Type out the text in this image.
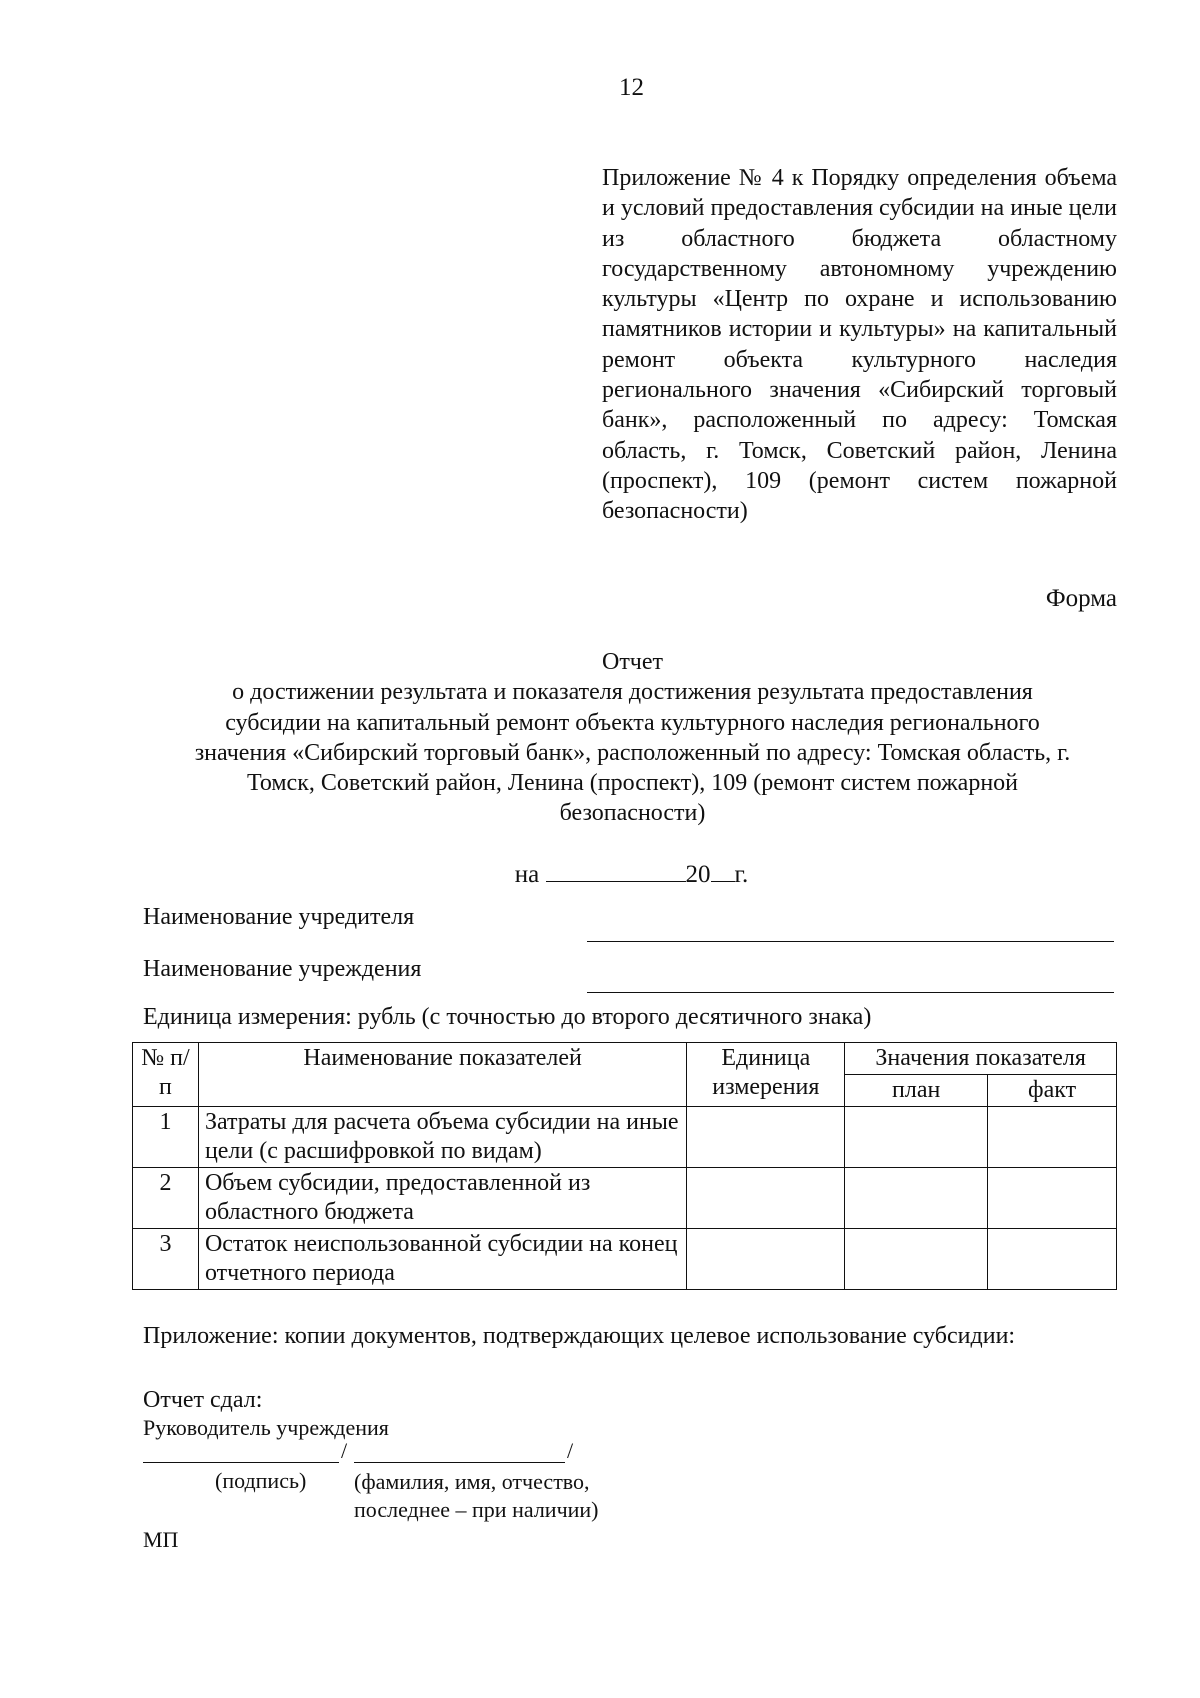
12
Приложение № 4 к Порядку определения объема и условий предоставления субсидии на иные цели из областного бюджета областному государственному автономному учреждению культуры «Центр по охране и использованию памятников истории и культуры» на капитальный ремонт объекта культурного наследия регионального значения «Сибирский торговый банк», расположенный по адресу: Томская область, г. Томск, Советский район, Ленина (проспект), 109 (ремонт систем пожарной безопасности)
Форма
Отчет
о достижении результата и показателя достижения результата предоставления
субсидии на капитальный ремонт объекта культурного наследия регионального
значения «Сибирский торговый банк», расположенный по адресу: Томская область, г.
Томск, Советский район, Ленина (проспект), 109 (ремонт систем пожарной
безопасности)
на	20 г.
Наименование учредителя
Наименование учреждения
Единица измерения: рубль (с точностью до второго десятичного знака)
№ п/п	Наименование показателей	Единица измерения	Значения показателя	
			план	факт
1	Затраты для расчета объема субсидии на иные цели (с расшифровкой по видам)			
2	Объем субсидии, предоставленной из областного бюджета			
3	Остаток неиспользованной субсидии на конец отчетного периода			
Приложение: копии документов, подтверждающих целевое использование субсидии:
Отчет сдал:
Руководитель учреждения
/	/
(подпись) (фамилия, имя, отчество,
последнее – при наличии)
МП
